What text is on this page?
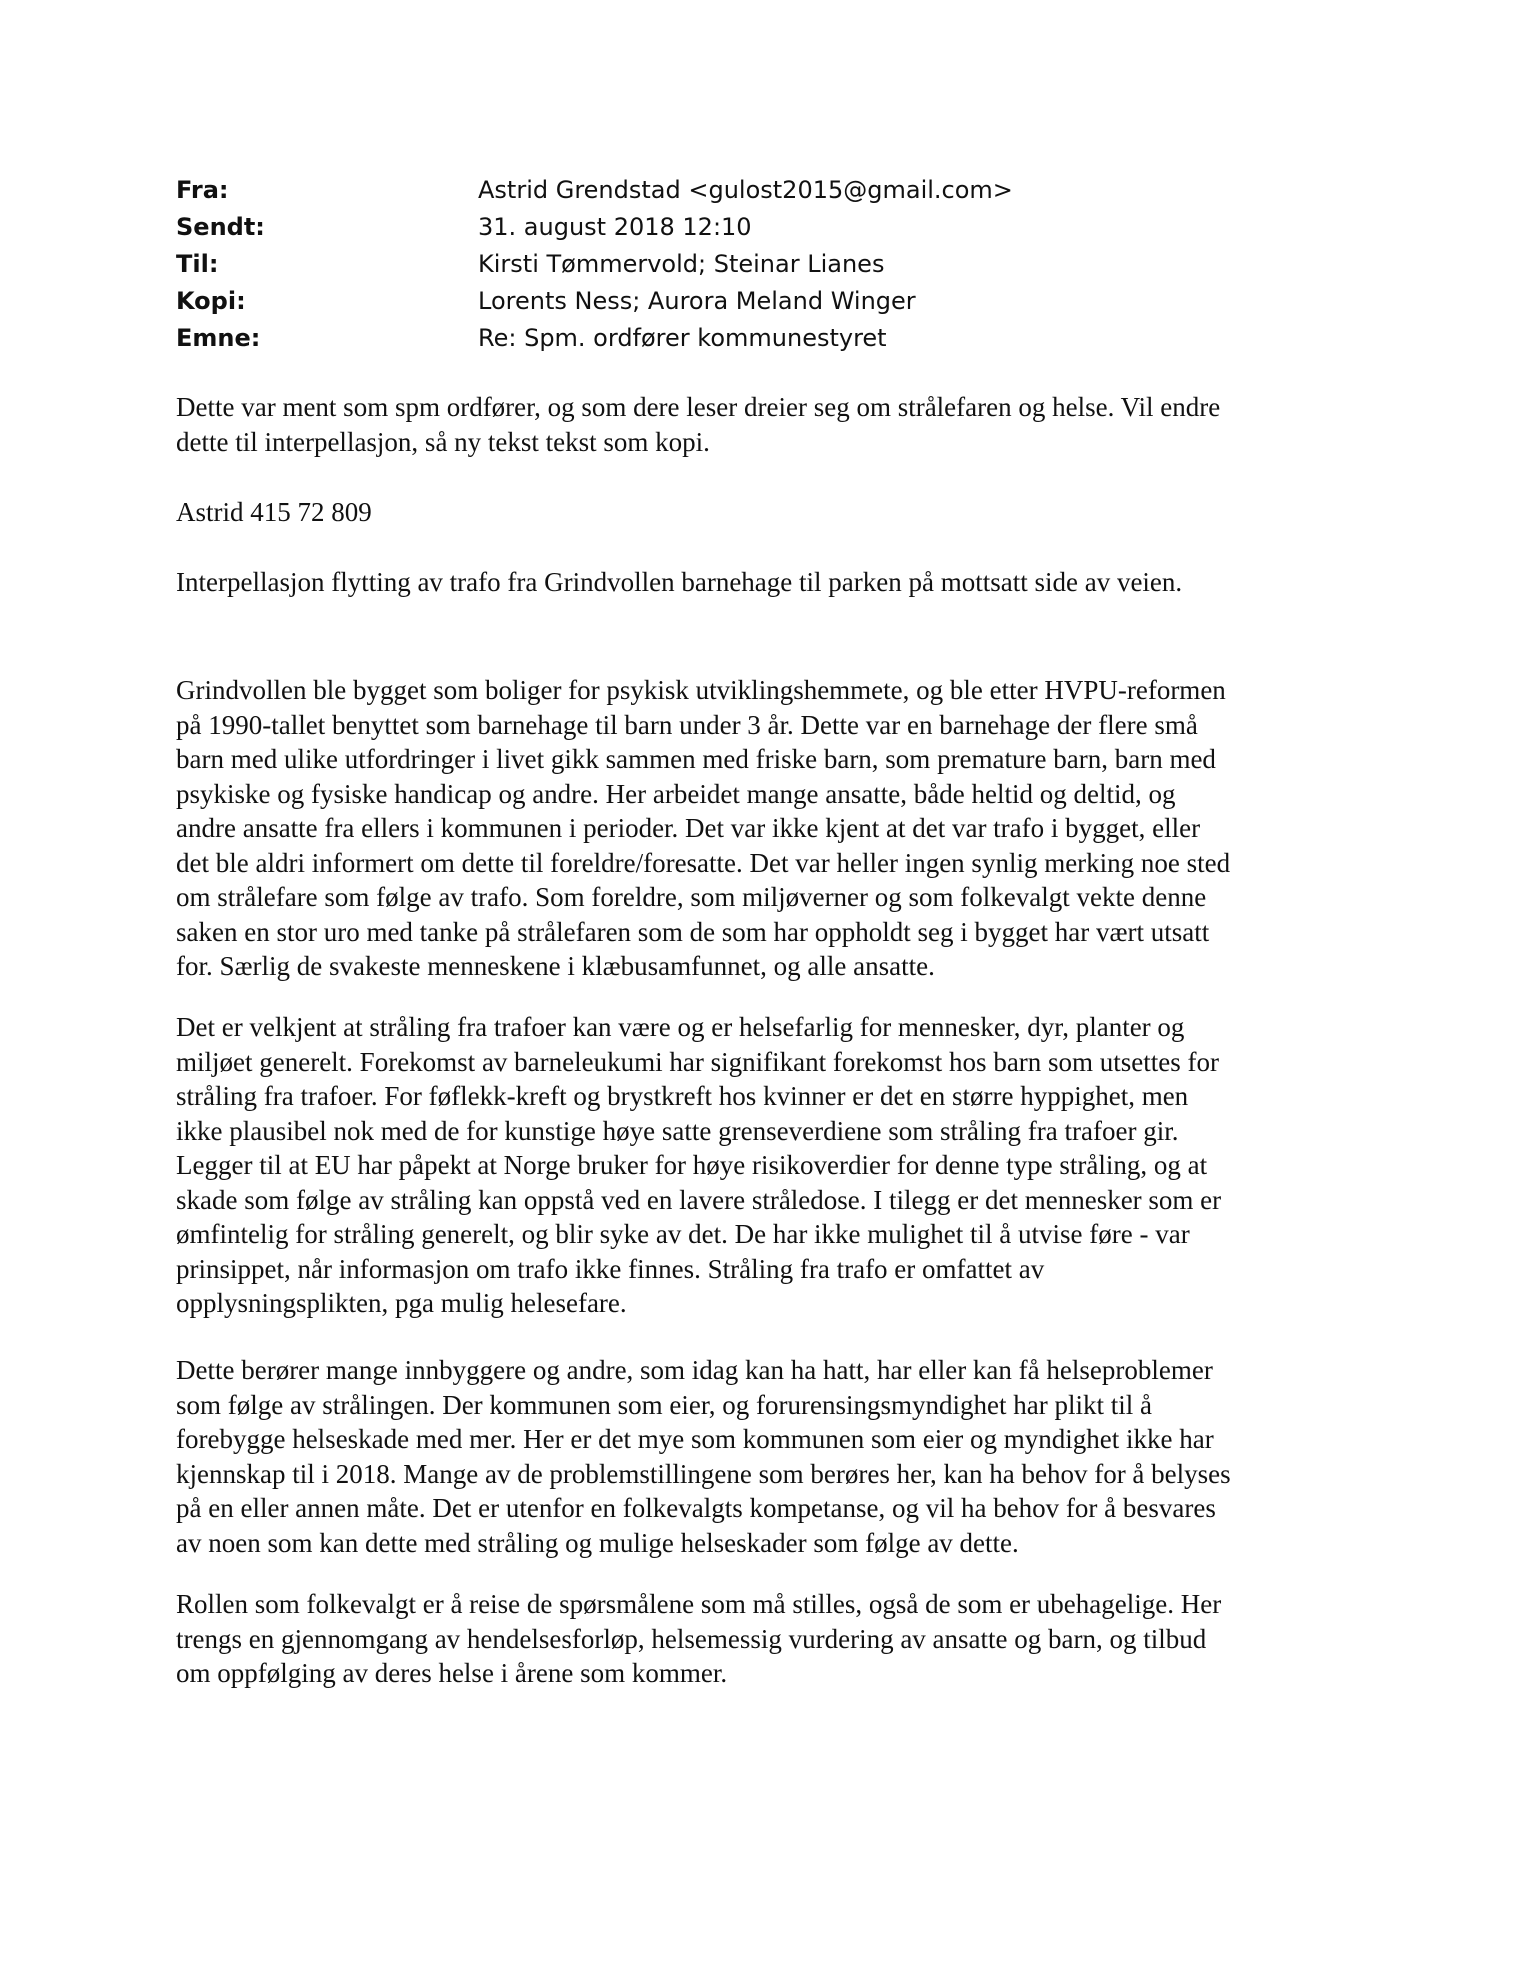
Fra:	Astrid Grendstad <gulost2015@gmail.com>
Sendt:	31. august 2018 12:10
Til:	Kirsti Tømmervold; Steinar Lianes
Kopi:	Lorents Ness; Aurora Meland Winger
Emne:	Re: Spm. ordfører kommunestyret

Dette var ment som spm ordfører, og som dere leser dreier seg om strålefaren og helse. Vil endre
dette til interpellasjon, så ny tekst tekst som kopi.

Astrid 415 72 809

Interpellasjon flytting av trafo fra Grindvollen barnehage til parken på mottsatt side av veien.

Grindvollen ble bygget som boliger for psykisk utviklingshemmete, og ble etter HVPU-reformen
på 1990-tallet benyttet som barnehage til barn under 3 år. Dette var en barnehage der flere små
barn med ulike utfordringer i livet gikk sammen med friske barn, som premature barn, barn med
psykiske og fysiske handicap og andre. Her arbeidet mange ansatte, både heltid og deltid, og
andre ansatte fra ellers i kommunen i perioder. Det var ikke kjent at det var trafo i bygget, eller
det ble aldri informert om dette til foreldre/foresatte. Det var heller ingen synlig merking noe sted
om strålefare som følge av trafo. Som foreldre, som miljøverner og som folkevalgt vekte denne
saken en stor uro med tanke på strålefaren som de som har oppholdt seg i bygget har vært utsatt
for. Særlig de svakeste menneskene i klæbusamfunnet, og alle ansatte.

Det er velkjent at stråling fra trafoer kan være og er helsefarlig for mennesker, dyr, planter og
miljøet generelt. Forekomst av barneleukumi har signifikant forekomst hos barn som utsettes for
stråling fra trafoer. For føflekk-kreft og brystkreft hos kvinner er det en større hyppighet, men
ikke plausibel nok med de for kunstige høye satte grenseverdiene som stråling fra trafoer gir.
Legger til at EU har påpekt at Norge bruker for høye risikoverdier for denne type stråling, og at
skade som følge av stråling kan oppstå ved en lavere stråledose. I tilegg er det mennesker som er
ømfintelig for stråling generelt, og blir syke av det. De har ikke mulighet til å utvise føre - var
prinsippet, når informasjon om trafo ikke finnes. Stråling fra trafo er omfattet av
opplysningsplikten, pga mulig helesefare.

Dette berører mange innbyggere og andre, som idag kan ha hatt, har eller kan få helseproblemer
som følge av strålingen. Der kommunen som eier, og forurensingsmyndighet har plikt til å
forebygge helseskade med mer. Her er det mye som kommunen som eier og myndighet ikke har
kjennskap til i 2018. Mange av de problemstillingene som berøres her, kan ha behov for å belyses
på en eller annen måte. Det er utenfor en folkevalgts kompetanse, og vil ha behov for å besvares
av noen som kan dette med stråling og mulige helseskader som følge av dette.

Rollen som folkevalgt er å reise de spørsmålene som må stilles, også de som er ubehagelige. Her
trengs en gjennomgang av hendelsesforløp, helsemessig vurdering av ansatte og barn, og tilbud
om oppfølging av deres helse i årene som kommer.
